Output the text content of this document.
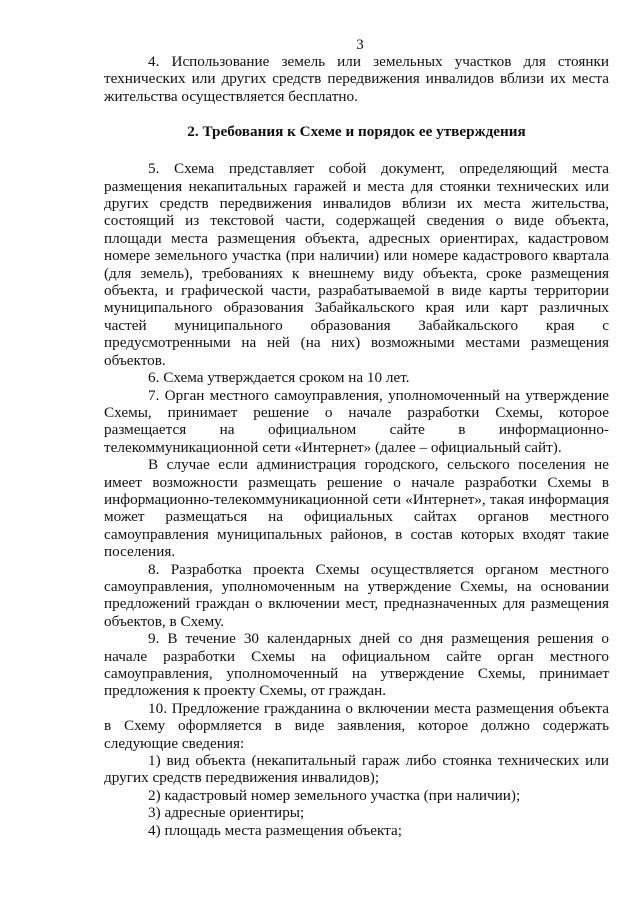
3

4. Использование земель или земельных участков для стоянки технических или других средств передвижения инвалидов вблизи их места жительства осуществляется бесплатно.

2. Требования к Схеме и порядок ее утверждения

5. Схема представляет собой документ, определяющий места размещения некапитальных гаражей и места для стоянки технических или других средств передвижения инвалидов вблизи их места жительства, состоящий из текстовой части, содержащей сведения о виде объекта, площади места размещения объекта, адресных ориентирах, кадастровом номере земельного участка (при наличии) или номере кадастрового квартала (для земель), требованиях к внешнему виду объекта, сроке размещения объекта, и графической части, разрабатываемой в виде карты территории муниципального образования Забайкальского края или карт различных частей муниципального образования Забайкальского края с предусмотренными на ней (на них) возможными местами размещения объектов.

6. Схема утверждается сроком на 10 лет.

7. Орган местного самоуправления, уполномоченный на утверждение Схемы, принимает решение о начале разработки Схемы, которое размещается на официальном сайте в информационно-телекоммуникационной сети «Интернет» (далее – официальный сайт).

В случае если администрация городского, сельского поселения не имеет возможности размещать решение о начале разработки Схемы в информационно-телекоммуникационной сети «Интернет», такая информация может размещаться на официальных сайтах органов местного самоуправления муниципальных районов, в состав которых входят такие поселения.

8. Разработка проекта Схемы осуществляется органом местного самоуправления, уполномоченным на утверждение Схемы, на основании предложений граждан о включении мест, предназначенных для размещения объектов, в Схему.

9. В течение 30 календарных дней со дня размещения решения о начале разработки Схемы на официальном сайте орган местного самоуправления, уполномоченный на утверждение Схемы, принимает предложения к проекту Схемы, от граждан.

10. Предложение гражданина о включении места размещения объекта в Схему оформляется в виде заявления, которое должно содержать следующие сведения:

1) вид объекта (некапитальный гараж либо стоянка технических или других средств передвижения инвалидов);

2) кадастровый номер земельного участка (при наличии);

3) адресные ориентиры;

4) площадь места размещения объекта;
